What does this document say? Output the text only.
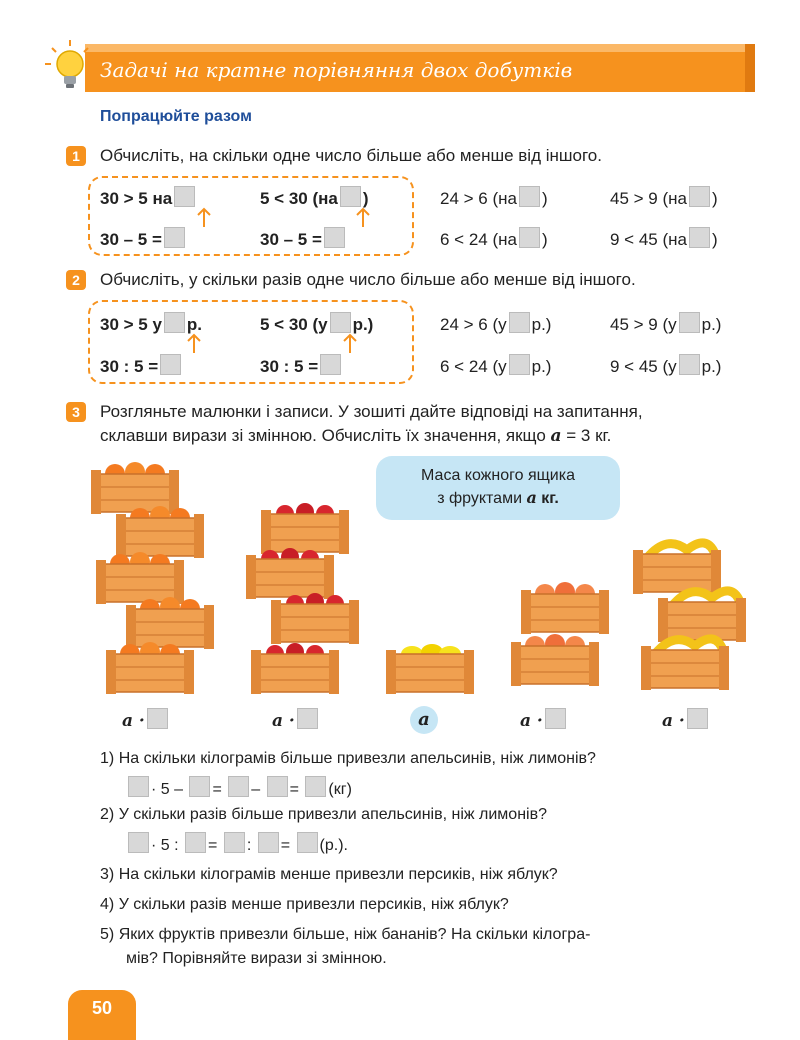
Задачі на кратне порівняння двох добутків
Попрацюйте разом
1	Обчисліть, на скільки одне число більше або менше від іншого.
30 > 5 на	5 < 30 (на )	24 > 6 (на )	45 > 9 (на )
30 – 5 =	30 – 5 =	6 < 24 (на )	9 < 45 (на )
2	Обчисліть, у скільки разів одне число більше або менше від іншого.
30 > 5 у р.	5 < 30 (у р.)	24 > 6 (у р.)	45 > 9 (у р.)
30 : 5 =	30 : 5 =	6 < 24 (у р.)	9 < 45 (у р.)
3	Розгляньте малюнки і записи. У зошиті дайте відповіді на запитання,
склавши вирази зі змінною. Обчисліть їх значення, якщо a = 3 кг.
Маса кожного ящика
з фруктами a кг.
a ·	a ·	a	a ·	a ·
1) На скільки кілограмів більше привезли апельсинів, ніж лимонів?
· 5 – = – = (кг)
2) У скільки разів більше привезли апельсинів, ніж лимонів?
· 5 : = : = (р.).
3) На скільки кілограмів менше привезли персиків, ніж яблук?
4) У скільки разів менше привезли персиків, ніж яблук?
5) Яких фруктів привезли більше, ніж бананів? На скільки кілогра-
мів? Порівняйте вирази зі змінною.
50
